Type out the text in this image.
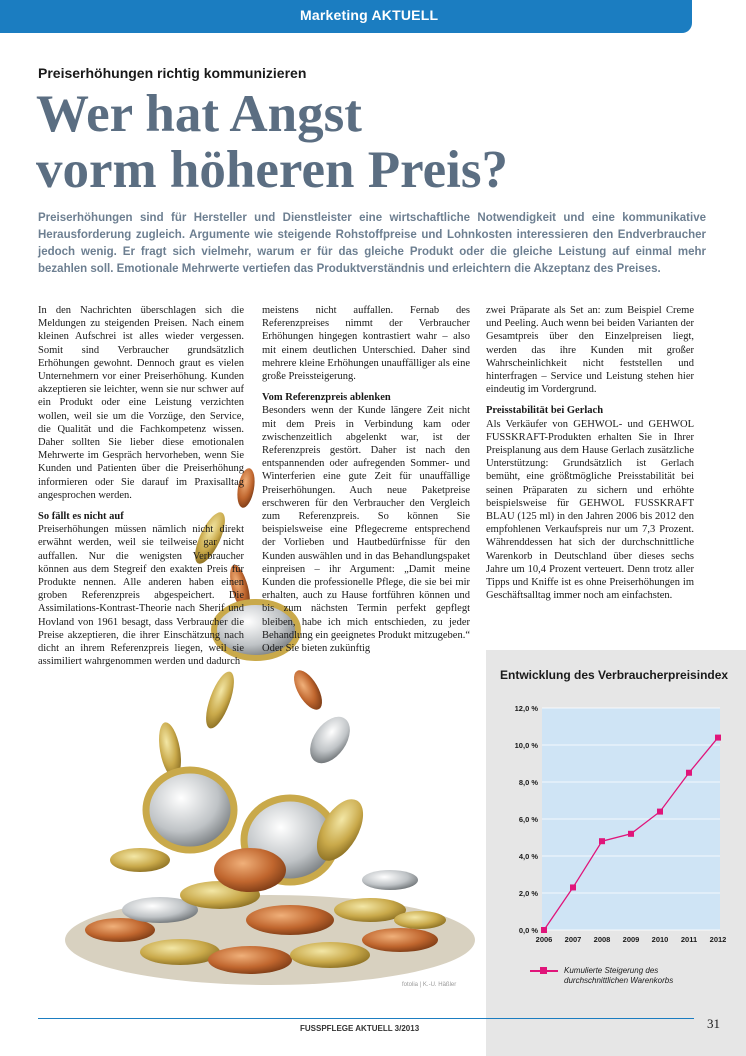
Marketing AKTUELL
Preiserhöhungen richtig kommunizieren
Wer hat Angst
vorm höheren Preis?

Preiserhöhungen sind für Hersteller und Dienstleister eine wirtschaftliche Notwendigkeit und eine kommunikative Herausforderung zugleich. Argumente wie steigende Rohstoffpreise und Lohnkosten interessieren den Endverbraucher jedoch wenig. Er fragt sich vielmehr, warum er für das gleiche Produkt oder die gleiche Leistung auf einmal mehr bezahlen soll. Emotionale Mehrwerte vertiefen das Produktverständnis und erleichtern die Akzeptanz des Preises.

In den Nachrichten überschlagen sich die Meldungen zu steigenden Preisen. Nach einem kleinen Aufschrei ist alles wieder vergessen. Somit sind Verbraucher grundsätzlich Erhöhungen gewohnt. Dennoch graut es vielen Unternehmern vor einer Preiserhöhung. Kunden akzeptieren sie leichter, wenn sie nur schwer auf ein Produkt oder eine Leistung verzichten wollen, weil sie um die Vorzüge, den Service, die Qualität und die Fachkompetenz wissen. Daher sollten Sie lieber diese emotionalen Mehrwerte im Gespräch hervorheben, wenn Sie Kunden und Patienten über die Preiserhöhung informieren oder Sie darauf im Praxisalltag angesprochen werden.

So fällt es nicht auf

Preiserhöhungen müssen nämlich nicht direkt erwähnt werden, weil sie teilweise gar nicht auffallen. Nur die wenigsten Verbraucher können aus dem Stegreif den exakten Preis für Produkte nennen. Alle anderen haben einen groben Referenzpreis abgespeichert. Die Assimilations-Kontrast-Theorie nach Sherif und Hovland von 1961 besagt, dass Verbraucher die Preise akzeptieren, die ihrer Einschätzung nach dicht an ihrem Referenzpreis liegen, weil sie assimiliert wahrgenommen werden und dadurch

meistens nicht auffallen. Fernab des Referenzpreises nimmt der Verbraucher Erhöhungen hingegen kontrastiert wahr – also mit einem deutlichen Unterschied. Daher sind mehrere kleine Erhöhungen unauffälliger als eine große Preissteigerung.

Vom Referenzpreis ablenken

Besonders wenn der Kunde längere Zeit nicht mit dem Preis in Verbindung kam oder zwischenzeitlich abgelenkt war, ist der Referenzpreis gestört. Daher ist nach den entspannenden oder aufregenden Sommer- und Winterferien eine gute Zeit für unauffällige Preiserhöhungen. Auch neue Paketpreise erschweren für den Verbraucher den Vergleich zum Referenzpreis. So können Sie beispielsweise eine Pflegecreme entsprechend der Vorlieben und Hautbedürfnisse für den Kunden auswählen und in das Behandlungspaket einpreisen – ihr Argument: „Damit meine Kunden die professionelle Pflege, die sie bei mir erhalten, auch zu Hause fortführen können und bis zum nächsten Termin perfekt gepflegt bleiben, habe ich mich entschieden, zu jeder Behandlung ein geeignetes Produkt mitzugeben.“ Oder Sie bieten zukünftig

zwei Präparate als Set an: zum Beispiel Creme und Peeling. Auch wenn bei beiden Varianten der Gesamtpreis über den Einzelpreisen liegt, werden das ihre Kunden mit großer Wahrscheinlichkeit nicht feststellen und hinterfragen – Service und Leistung stehen hier eindeutig im Vordergrund.

Preisstabilität bei Gerlach

Als Verkäufer von GEHWOL- und GEHWOL FUSSKRAFT-Produkten erhalten Sie in Ihrer Preisplanung aus dem Hause Gerlach zusätzliche Unterstützung: Grundsätzlich ist Gerlach bemüht, eine größtmögliche Preisstabilität bei seinen Präparaten zu sichern und erhöhte beispielsweise für GEHWOL FUSSKRAFT BLAU (125 ml) in den Jahren 2006 bis 2012 den empfohlenen Verkaufspreis nur um 7,3 Prozent. Währenddessen hat sich der durchschnittliche Warenkorb in Deutschland über dieses sechs Jahre um 10,4 Prozent verteuert. Denn trotz aller Tipps und Kniffe ist es ohne Preiserhöhungen im Geschäftsalltag immer noch am einfachsten.

fotolia | K.-U. Häßler
Entwicklung des Verbraucherpreisindex
0,0 %
2,0 %
4,0 %
6,0 %
8,0 %
10,0 %
12,0 %
2006 2007 2008 2009 2010 2011 2012
Kumulierte Steigerung des durchschnittlichen Warenkorbs
FUSSPFLEGE AKTUELL 3/2013	31
